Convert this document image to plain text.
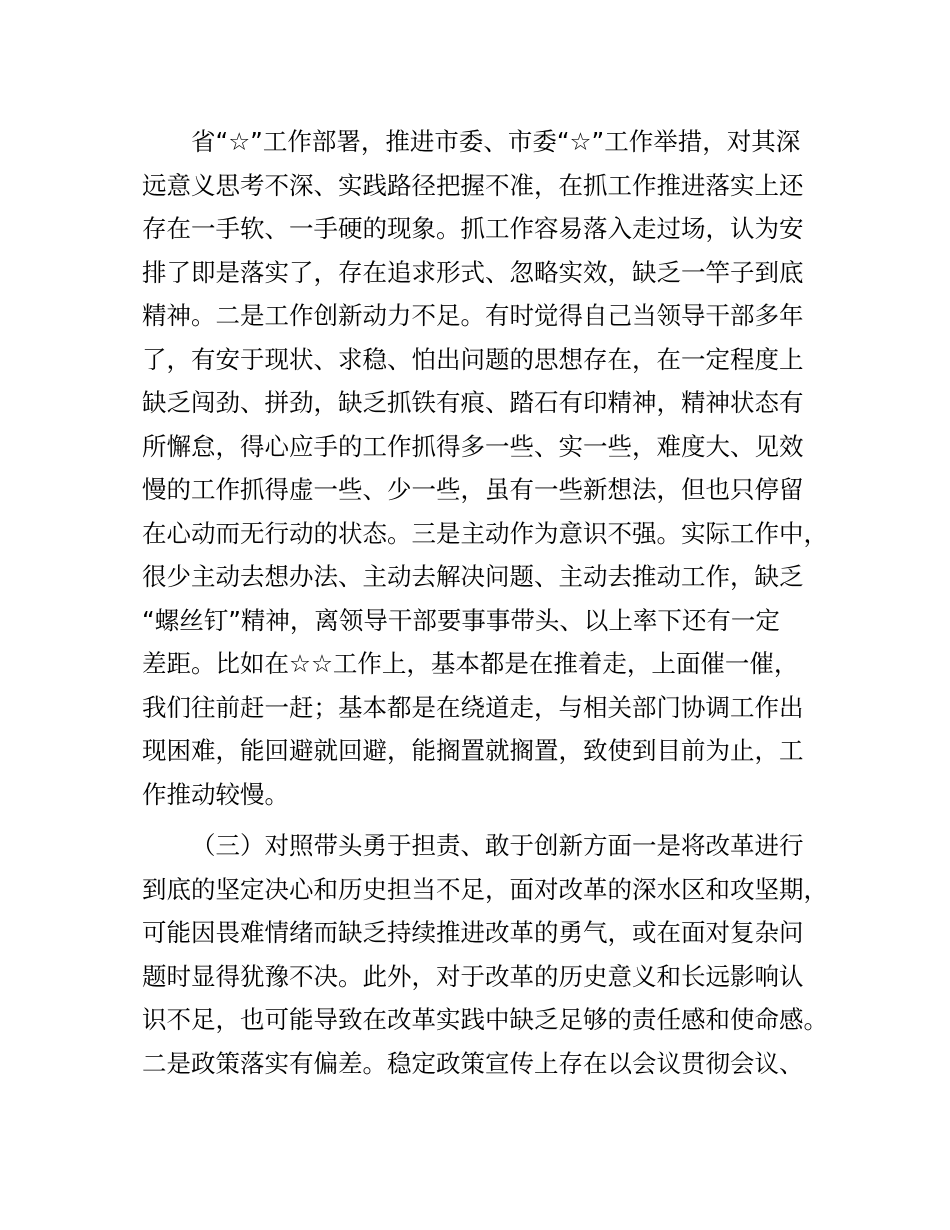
省“☆”工作部署，推进市委、市委“☆”工作举措，对其深
远意义思考不深、实践路径把握不准，在抓工作推进落实上还
存在一手软、一手硬的现象。抓工作容易落入走过场，认为安
排了即是落实了，存在追求形式、忽略实效，缺乏一竿子到底
精神。二是工作创新动力不足。有时觉得自己当领导干部多年
了，有安于现状、求稳、怕出问题的思想存在，在一定程度上
缺乏闯劲、拼劲，缺乏抓铁有痕、踏石有印精神，精神状态有
所懈怠，得心应手的工作抓得多一些、实一些，难度大、见效
慢的工作抓得虚一些、少一些，虽有一些新想法，但也只停留
在心动而无行动的状态。三是主动作为意识不强。实际工作中，
很少主动去想办法、主动去解决问题、主动去推动工作，缺乏
“螺丝钉”精神，离领导干部要事事带头、以上率下还有一定
差距。比如在☆☆工作上，基本都是在推着走，上面催一催，
我们往前赶一赶；基本都是在绕道走，与相关部门协调工作出
现困难，能回避就回避，能搁置就搁置，致使到目前为止，工
作推动较慢。
（三）对照带头勇于担责、敢于创新方面一是将改革进行
到底的坚定决心和历史担当不足，面对改革的深水区和攻坚期，
可能因畏难情绪而缺乏持续推进改革的勇气，或在面对复杂问
题时显得犹豫不决。此外，对于改革的历史意义和长远影响认
识不足，也可能导致在改革实践中缺乏足够的责任感和使命感。
二是政策落实有偏差。稳定政策宣传上存在以会议贯彻会议、
